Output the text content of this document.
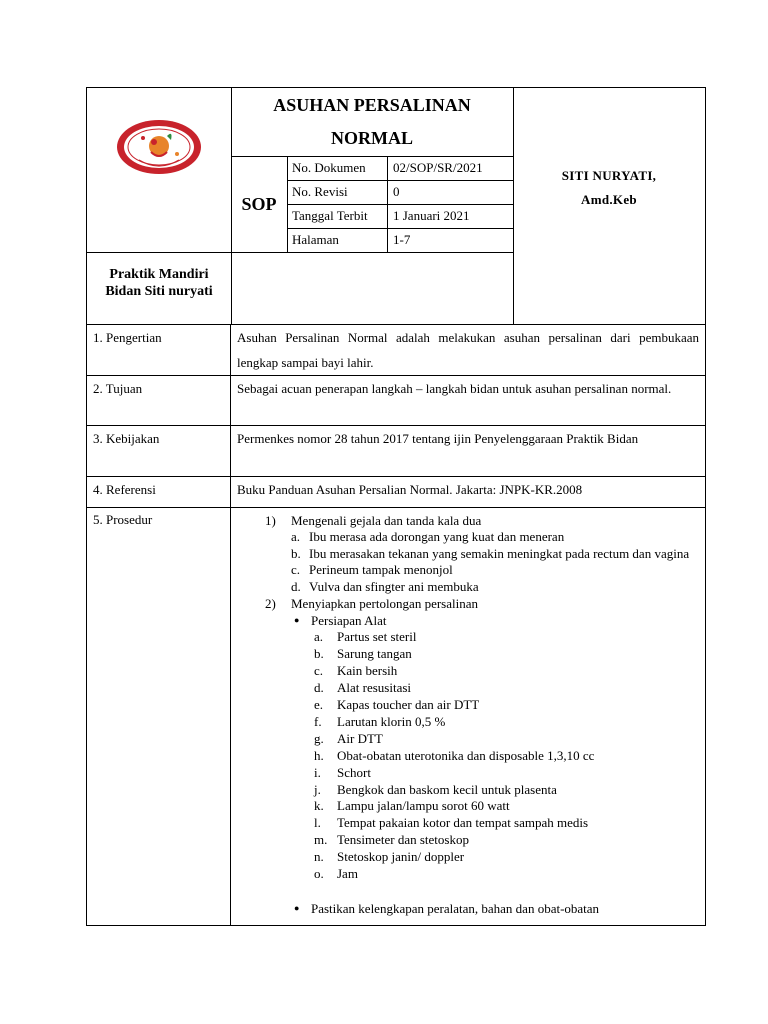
Praktik Mandiri
Bidan Siti nuryati
ASUHAN PERSALINAN
NORMAL
SOP
No. Dokumen 02/SOP/SR/2021
No. Revisi	0
Tanggal Terbit 1 Januari 2021
Halaman	1-7
SITI NURYATI,
Amd.Keb
1. Pengertian	Asuhan Persalinan Normal adalah melakukan asuhan persalinan dari pembukaan lengkap sampai bayi lahir.
2. Tujuan	Sebagai acuan penerapan langkah – langkah bidan untuk asuhan persalinan normal.
3. Kebijakan	Permenkes nomor 28 tahun 2017 tentang ijin Penyelenggaraan Praktik Bidan
4. Referensi	Buku Panduan Asuhan Persalian Normal. Jakarta: JNPK-KR.2008
5. Prosedur	1) Mengenali gejala dan tanda kala dua
a. Ibu merasa ada dorongan yang kuat dan meneran
b. Ibu merasakan tekanan yang semakin meningkat pada rectum dan vagina
c. Perineum tampak menonjol
d. Vulva dan sfingter ani membuka
2) Menyiapkan pertolongan persalinan
● Persiapan Alat
a. Partus set steril
b. Sarung tangan
c. Kain bersih
d. Alat resusitasi
e. Kapas toucher dan air DTT
f. Larutan klorin 0,5 %
g. Air DTT
h. Obat-obatan uterotonika dan disposable 1,3,10 cc
i. Schort
j. Bengkok dan baskom kecil untuk plasenta
k. Lampu jalan/lampu sorot 60 watt
l. Tempat pakaian kotor dan tempat sampah medis
m. Tensimeter dan stetoskop
n. Stetoskop janin/ doppler
o. Jam
● Pastikan kelengkapan peralatan, bahan dan obat-obatan
